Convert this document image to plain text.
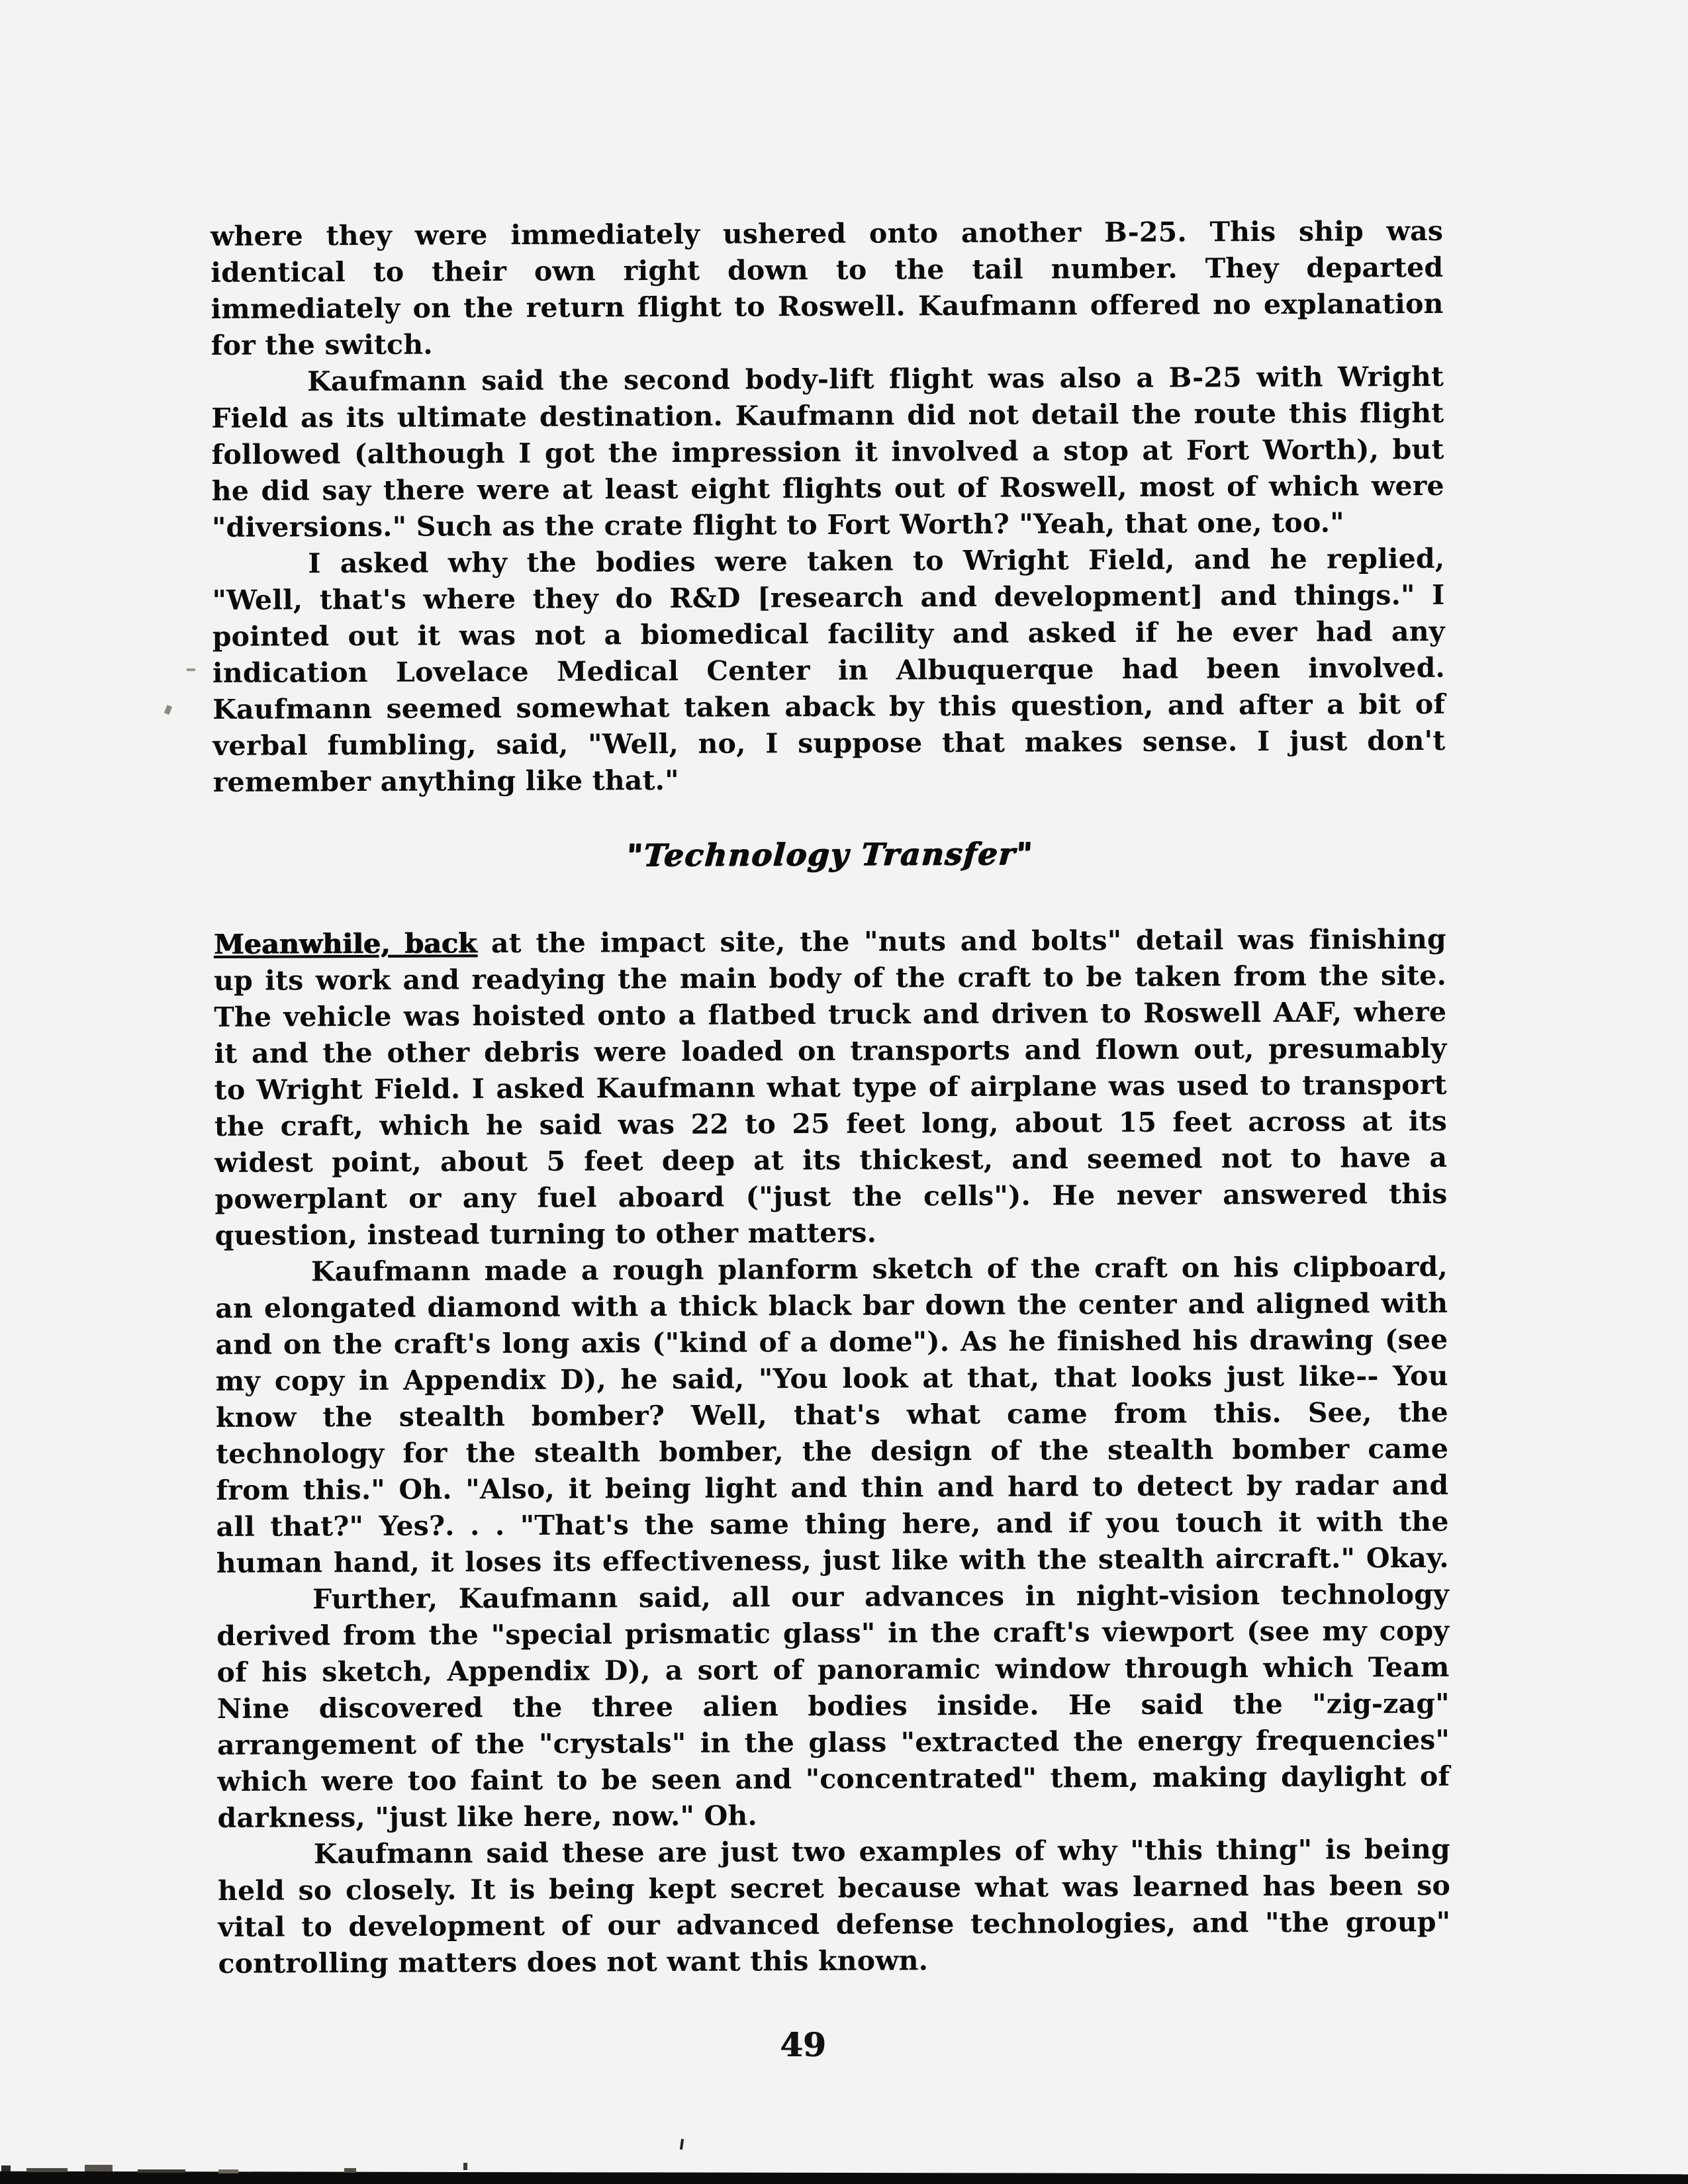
where they were immediately ushered onto another B-25. This ship was
identical to their own right down to the tail number. They departed
immediately on the return flight to Roswell. Kaufmann offered no explanation
for the switch.
Kaufmann said the second body-lift flight was also a B-25 with Wright
Field as its ultimate destination. Kaufmann did not detail the route this flight
followed (although I got the impression it involved a stop at Fort Worth), but
he did say there were at least eight flights out of Roswell, most of which were
"diversions." Such as the crate flight to Fort Worth? "Yeah, that one, too."
I asked why the bodies were taken to Wright Field, and he replied,
"Well, that's where they do R&D [research and development] and things." I
pointed out it was not a biomedical facility and asked if he ever had any
indication Lovelace Medical Center in Albuquerque had been involved.
Kaufmann seemed somewhat taken aback by this question, and after a bit of
verbal fumbling, said, "Well, no, I suppose that makes sense. I just don't
remember anything like that."
"Technology Transfer"
Meanwhile, back at the impact site, the "nuts and bolts" detail was finishing
up its work and readying the main body of the craft to be taken from the site.
The vehicle was hoisted onto a flatbed truck and driven to Roswell AAF, where
it and the other debris were loaded on transports and flown out, presumably
to Wright Field. I asked Kaufmann what type of airplane was used to transport
the craft, which he said was 22 to 25 feet long, about 15 feet across at its
widest point, about 5 feet deep at its thickest, and seemed not to have a
powerplant or any fuel aboard ("just the cells"). He never answered this
question, instead turning to other matters.
Kaufmann made a rough planform sketch of the craft on his clipboard,
an elongated diamond with a thick black bar down the center and aligned with
and on the craft's long axis ("kind of a dome"). As he finished his drawing (see
my copy in Appendix D), he said, "You look at that, that looks just like-- You
know the stealth bomber? Well, that's what came from this. See, the
technology for the stealth bomber, the design of the stealth bomber came
from this." Oh. "Also, it being light and thin and hard to detect by radar and
all that?" Yes?. . . "That's the same thing here, and if you touch it with the
human hand, it loses its effectiveness, just like with the stealth aircraft." Okay.
Further, Kaufmann said, all our advances in night-vision technology
derived from the "special prismatic glass" in the craft's viewport (see my copy
of his sketch, Appendix D), a sort of panoramic window through which Team
Nine discovered the three alien bodies inside. He said the "zig-zag"
arrangement of the "crystals" in the glass "extracted the energy frequencies"
which were too faint to be seen and "concentrated" them, making daylight of
darkness, "just like here, now." Oh.
Kaufmann said these are just two examples of why "this thing" is being
held so closely. It is being kept secret because what was learned has been so
vital to development of our advanced defense technologies, and "the group"
controlling matters does not want this known.
49
